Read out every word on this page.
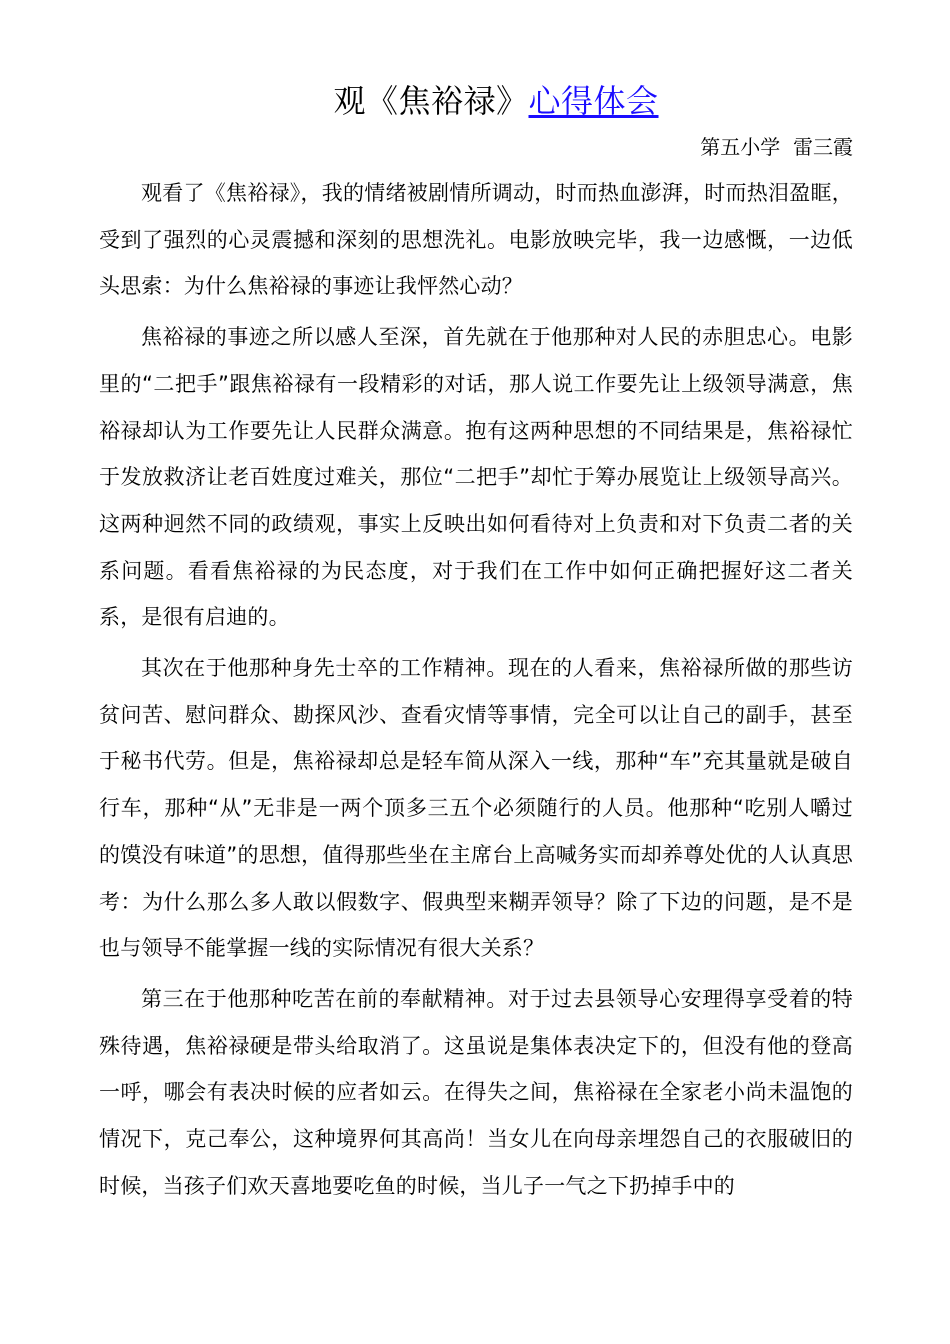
观《焦裕禄》心得体会

第五小学  雷三霞

观看了《焦裕禄》，我的情绪被剧情所调动，时而热血澎湃，时而热泪盈眶，受到了强烈的心灵震撼和深刻的思想洗礼。电影放映完毕，我一边感慨，一边低头思索：为什么焦裕禄的事迹让我怦然心动？

焦裕禄的事迹之所以感人至深，首先就在于他那种对人民的赤胆忠心。电影里的“二把手”跟焦裕禄有一段精彩的对话，那人说工作要先让上级领导满意，焦裕禄却认为工作要先让人民群众满意。抱有这两种思想的不同结果是，焦裕禄忙于发放救济让老百姓度过难关，那位“二把手”却忙于筹办展览让上级领导高兴。这两种迥然不同的政绩观，事实上反映出如何看待对上负责和对下负责二者的关系问题。看看焦裕禄的为民态度，对于我们在工作中如何正确把握好这二者关系，是很有启迪的。

其次在于他那种身先士卒的工作精神。现在的人看来，焦裕禄所做的那些访贫问苦、慰问群众、勘探风沙、查看灾情等事情，完全可以让自己的副手，甚至于秘书代劳。但是，焦裕禄却总是轻车简从深入一线，那种“车”充其量就是破自行车，那种“从”无非是一两个顶多三五个必须随行的人员。他那种“吃别人嚼过的馍没有味道”的思想，值得那些坐在主席台上高喊务实而却养尊处优的人认真思考：为什么那么多人敢以假数字、假典型来糊弄领导？除了下边的问题，是不是也与领导不能掌握一线的实际情况有很大关系？

第三在于他那种吃苦在前的奉献精神。对于过去县领导心安理得享受着的特殊待遇，焦裕禄硬是带头给取消了。这虽说是集体表决定下的，但没有他的登高一呼，哪会有表决时候的应者如云。在得失之间，焦裕禄在全家老小尚未温饱的情况下，克己奉公，这种境界何其高尚！当女儿在向母亲埋怨自己的衣服破旧的时候，当孩子们欢天喜地要吃鱼的时候，当儿子一气之下扔掉手中的
